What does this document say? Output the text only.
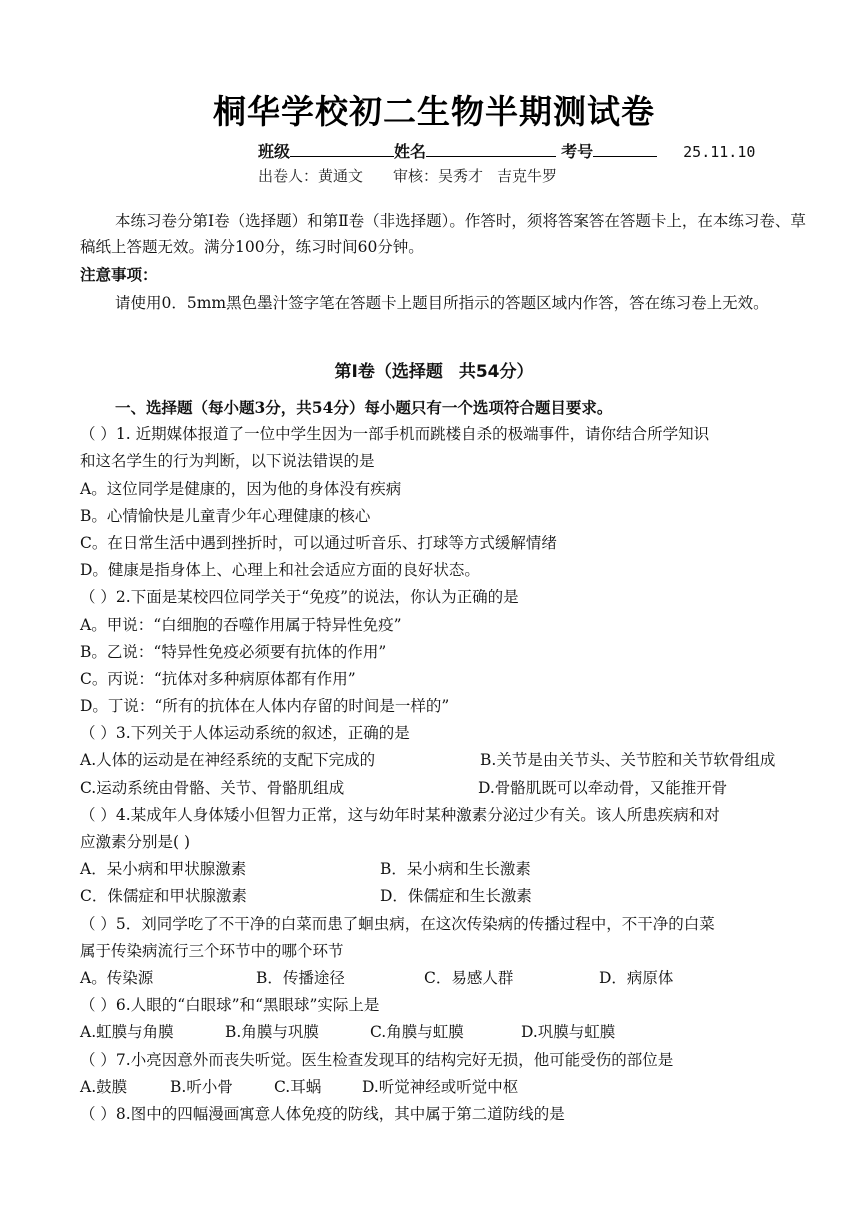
桐华学校初二生物半期测试卷
班级	姓名	考号	25.11.10
出卷人：黄通文 审核：吴秀才 吉克牛罗
本练习卷分第Ⅰ卷（选择题）和第Ⅱ卷（非选择题）。作答时，须将答案答在答题卡上，在本练习卷、草稿纸上答题无效。满分100分，练习时间60分钟。
注意事项：
请使用0．5mm黑色墨汁签字笔在答题卡上题目所指示的答题区域内作答，答在练习卷上无效。
第Ⅰ卷（选择题 共54分）
一、选择题（每小题3分，共54分）每小题只有一个选项符合题目要求。
（ ）1. 近期媒体报道了一位中学生因为一部手机而跳楼自杀的极端事件，请你结合所学知识
和这名学生的行为判断，以下说法错误的是
A。这位同学是健康的，因为他的身体没有疾病
B。心情愉快是儿童青少年心理健康的核心
C。在日常生活中遇到挫折时，可以通过听音乐、打球等方式缓解情绪
D。健康是指身体上、心理上和社会适应方面的良好状态。
（ ）2.下面是某校四位同学关于“免疫”的说法，你认为正确的是
A。甲说：“白细胞的吞噬作用属于特异性免疫”
B。乙说：“特异性免疫必须要有抗体的作用”
C。丙说：“抗体对多种病原体都有作用”
D。丁说：“所有的抗体在人体内存留的时间是一样的”
（ ）3.下列关于人体运动系统的叙述，正确的是
A.人体的运动是在神经系统的支配下完成的	B.关节是由关节头、关节腔和关节软骨组成
C.运动系统由骨骼、关节、骨骼肌组成	D.骨骼肌既可以牵动骨，又能推开骨
（ ）4.某成年人身体矮小但智力正常，这与幼年时某种激素分泌过少有关。该人所患疾病和对
应激素分别是( )
A．呆小病和甲状腺激素	B．呆小病和生长激素
C．侏儒症和甲状腺激素	D．侏儒症和生长激素
（ ）5．刘同学吃了不干净的白菜而患了蛔虫病，在这次传染病的传播过程中，不干净的白菜
属于传染病流行三个环节中的哪个环节
A。传染源	B．传播途径	C．易感人群	D．病原体
（ ）6.人眼的“白眼球”和“黑眼球”实际上是
A.虹膜与角膜	B.角膜与巩膜	C.角膜与虹膜	D.巩膜与虹膜
（ ）7.小亮因意外而丧失听觉。医生检查发现耳的结构完好无损，他可能受伤的部位是
A.鼓膜	B.听小骨	C.耳蜗	D.听觉神经或听觉中枢
（ ）8.图中的四幅漫画寓意人体免疫的防线，其中属于第二道防线的是
